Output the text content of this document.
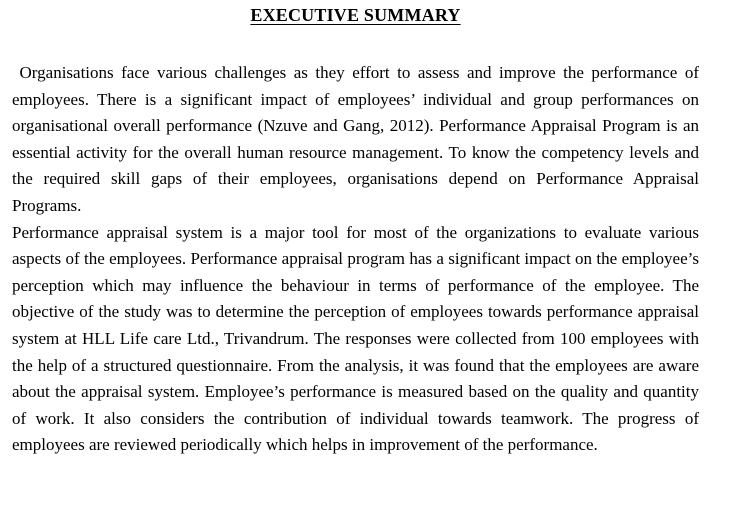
EXECUTIVE SUMMARY

Organisations face various challenges as they effort to assess and improve the performance of employees. There is a significant impact of employees’ individual and group performances on organisational overall performance (Nzuve and Gang, 2012). Performance Appraisal Program is an essential activity for the overall human resource management. To know the competency levels and the required skill gaps of their employees, organisations depend on Performance Appraisal Programs.

Performance appraisal system is a major tool for most of the organizations to evaluate various aspects of the employees. Performance appraisal program has a significant impact on the employee’s perception which may influence the behaviour in terms of performance of the employee. The objective of the study was to determine the perception of employees towards performance appraisal system at HLL Life care Ltd., Trivandrum. The responses were collected from 100 employees with the help of a structured questionnaire. From the analysis, it was found that the employees are aware about the appraisal system. Employee’s performance is measured based on the quality and quantity of work. It also considers the contribution of individual towards teamwork. The progress of employees are reviewed periodically which helps in improvement of the performance.
